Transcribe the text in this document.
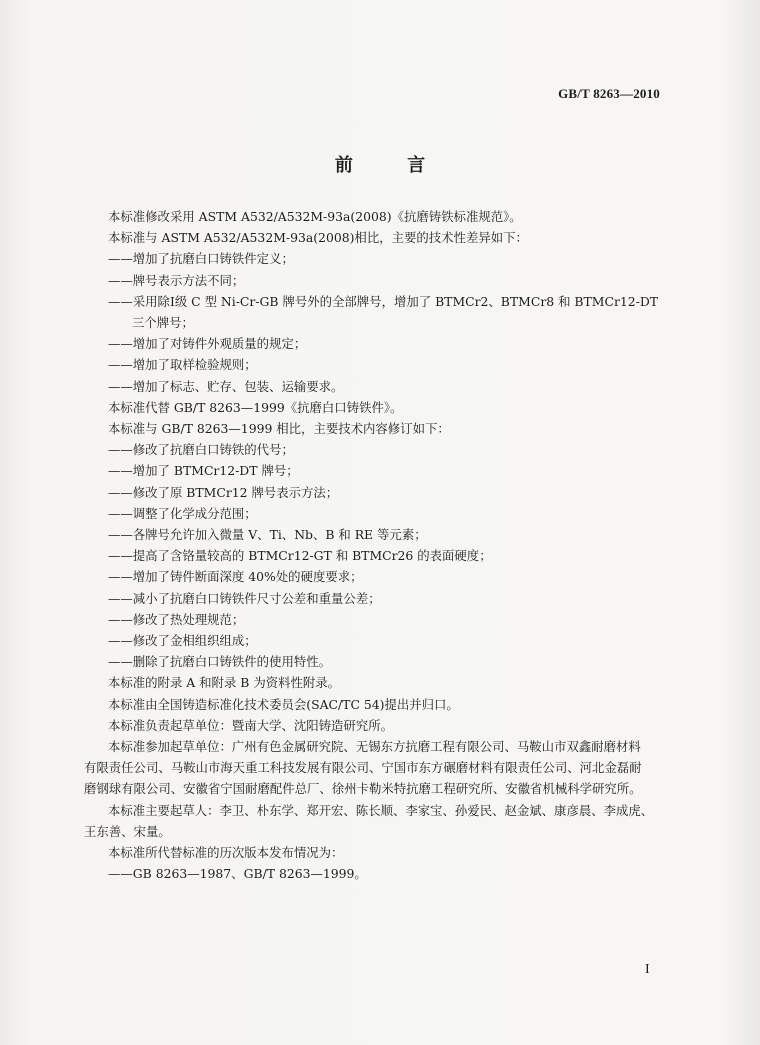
GB/T 8263—2010
前 言

本标准修改采用 ASTM A532/A532M-93a(2008)《抗磨铸铁标准规范》。

本标准与 ASTM A532/A532M-93a(2008)相比，主要的技术性差异如下：

——增加了抗磨白口铸铁件定义；

——牌号表示方法不同；

——采用除Ⅰ级 C 型 Ni-Cr-GB 牌号外的全部牌号，增加了 BTMCr2、BTMCr8 和 BTMCr12-DT

三个牌号；

——增加了对铸件外观质量的规定；

——增加了取样检验规则；

——增加了标志、贮存、包装、运输要求。

本标准代替 GB/T 8263—1999《抗磨白口铸铁件》。

本标准与 GB/T 8263—1999 相比，主要技术内容修订如下：

——修改了抗磨白口铸铁的代号；

——增加了 BTMCr12-DT 牌号；

——修改了原 BTMCr12 牌号表示方法；

——调整了化学成分范围；

——各牌号允许加入微量 V、Ti、Nb、B 和 RE 等元素；

——提高了含铬量较高的 BTMCr12-GT 和 BTMCr26 的表面硬度；

——增加了铸件断面深度 40%处的硬度要求；

——减小了抗磨白口铸铁件尺寸公差和重量公差；

——修改了热处理规范；

——修改了金相组织组成；

——删除了抗磨白口铸铁件的使用特性。

本标准的附录 A 和附录 B 为资料性附录。

本标准由全国铸造标准化技术委员会(SAC/TC 54)提出并归口。

本标准负责起草单位：暨南大学、沈阳铸造研究所。

本标准参加起草单位：广州有色金属研究院、无锡东方抗磨工程有限公司、马鞍山市双鑫耐磨材料

有限责任公司、马鞍山市海天重工科技发展有限公司、宁国市东方碾磨材料有限责任公司、河北金磊耐

磨钢球有限公司、安徽省宁国耐磨配件总厂、徐州卡勒米特抗磨工程研究所、安徽省机械科学研究所。

本标准主要起草人：李卫、朴东学、郑开宏、陈长顺、李家宝、孙爱民、赵金斌、康彦晨、李成虎、

王东善、宋量。

本标准所代替标准的历次版本发布情况为：

——GB 8263—1987、GB/T 8263—1999。

I
